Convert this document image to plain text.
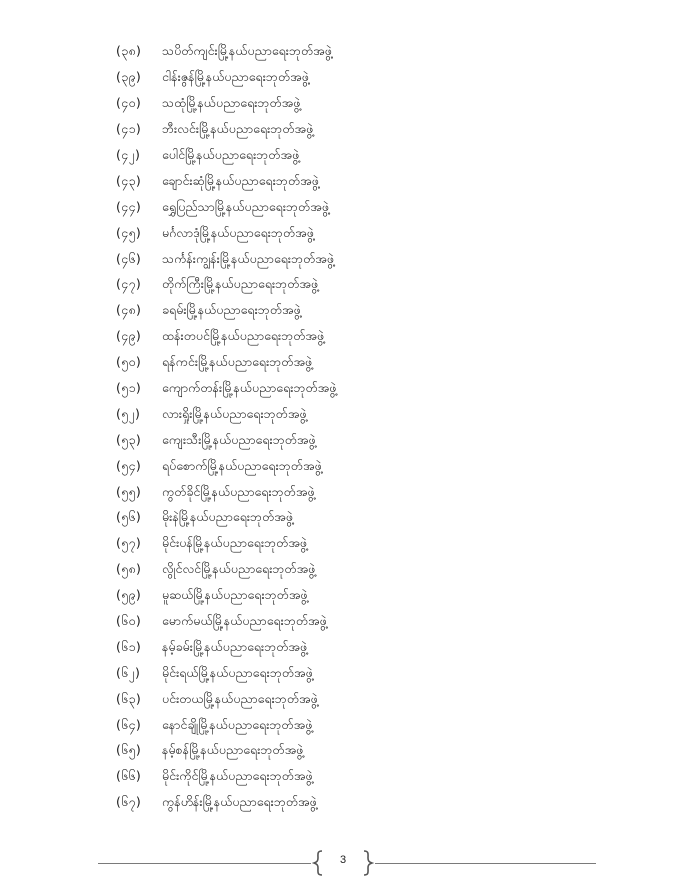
(၃၈)	သပိတ်ကျင်းမြို့နယ်ပညာရေးဘုတ်အဖွဲ့
(၃၉)	ငါန်းဇွန်မြို့နယ်ပညာရေးဘုတ်အဖွဲ့
(၄၀)	သထုံမြို့နယ်ပညာရေးဘုတ်အဖွဲ့
(၄၁)	ဘီးလင်းမြို့နယ်ပညာရေးဘုတ်အဖွဲ့
(၄၂)	ပေါင်မြို့နယ်ပညာရေးဘုတ်အဖွဲ့
(၄၃)	ချောင်းဆုံမြို့နယ်ပညာရေးဘုတ်အဖွဲ့
(၄၄)	ရွှေပြည်သာမြို့နယ်ပညာရေးဘုတ်အဖွဲ့
(၄၅)	မင်္ဂလာဒုံမြို့နယ်ပညာရေးဘုတ်အဖွဲ့
(၄၆)	သင်္ကန်းကျွန်းမြို့နယ်ပညာရေးဘုတ်အဖွဲ့
(၄၇)	တိုက်ကြီးမြို့နယ်ပညာရေးဘုတ်အဖွဲ့
(၄၈)	ခရမ်းမြို့နယ်ပညာရေးဘုတ်အဖွဲ့
(၄၉)	ထန်းတပင်မြို့နယ်ပညာရေးဘုတ်အဖွဲ့
(၅၀)	ရန်ကင်းမြို့နယ်ပညာရေးဘုတ်အဖွဲ့
(၅၁)	ကျောက်တန်းမြို့နယ်ပညာရေးဘုတ်အဖွဲ့
(၅၂)	လားရှိုးမြို့နယ်ပညာရေးဘုတ်အဖွဲ့
(၅၃)	ကျေးသီးမြို့နယ်ပညာရေးဘုတ်အဖွဲ့
(၅၄)	ရပ်စောက်မြို့နယ်ပညာရေးဘုတ်အဖွဲ့
(၅၅)	ကွတ်ခိုင်မြို့နယ်ပညာရေးဘုတ်အဖွဲ့
(၅၆)	မိုးနဲမြို့နယ်ပညာရေးဘုတ်အဖွဲ့
(၅၇)	မိုင်းပန်မြို့နယ်ပညာရေးဘုတ်အဖွဲ့
(၅၈)	လွိုင်လင်မြို့နယ်ပညာရေးဘုတ်အဖွဲ့
(၅၉)	မူဆယ်မြို့နယ်ပညာရေးဘုတ်အဖွဲ့
(၆၀)	မောက်မယ်မြို့နယ်ပညာရေးဘုတ်အဖွဲ့
(၆၁)	နမ့်ခမ်းမြို့နယ်ပညာရေးဘုတ်အဖွဲ့
(၆၂)	မိုင်းရယ်မြို့နယ်ပညာရေးဘုတ်အဖွဲ့
(၆၃)	ပင်းတယမြို့နယ်ပညာရေးဘုတ်အဖွဲ့
(၆၄)	နောင်ချိုမြို့နယ်ပညာရေးဘုတ်အဖွဲ့
(၆၅)	နမ့်စန်မြို့နယ်ပညာရေးဘုတ်အဖွဲ့
(၆၆)	မိုင်းကိုင်မြို့နယ်ပညာရေးဘုတ်အဖွဲ့
(၆၇)	ကွန်ဟိန်းမြို့နယ်ပညာရေးဘုတ်အဖွဲ့
3
